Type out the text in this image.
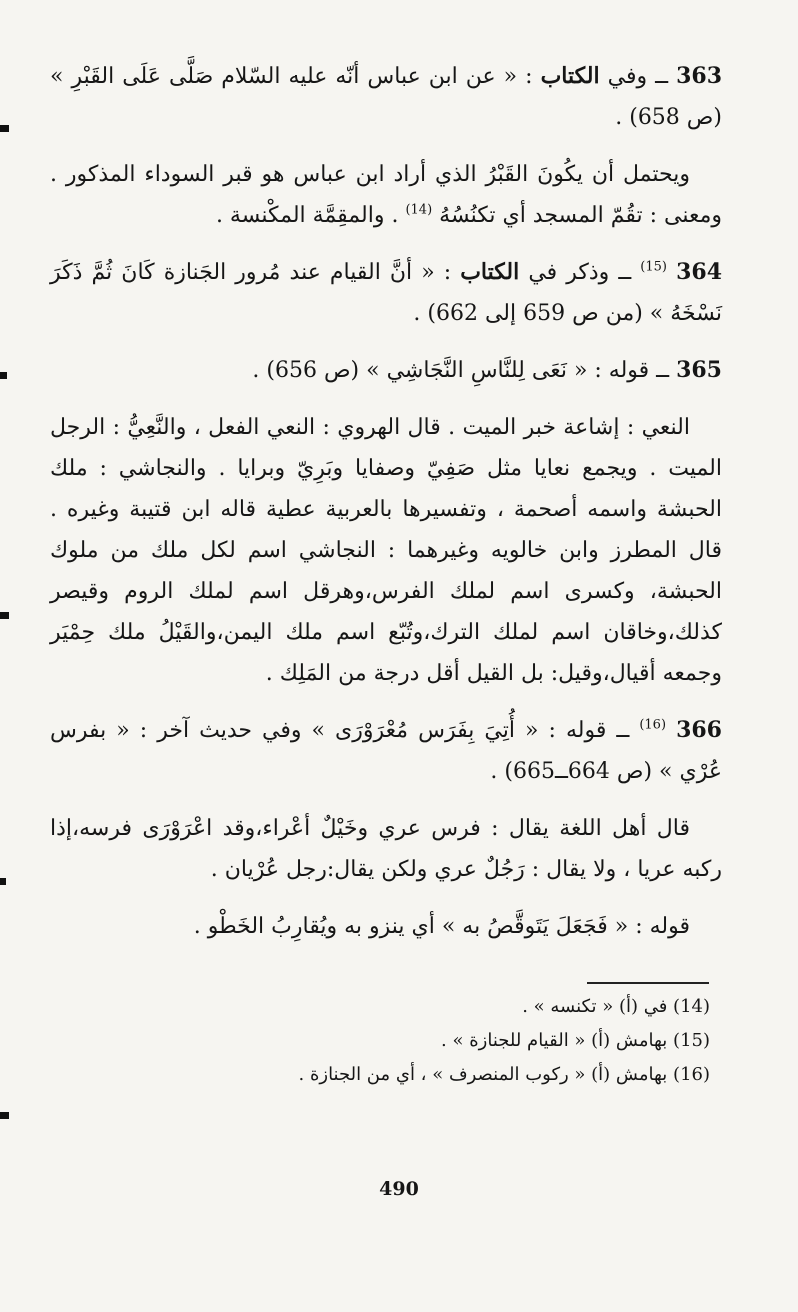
363 ــ وفي الكتاب : « عن ابن عباس أنّه عليه السّلام صَلَّى عَلَى القَبْرِ » (ص 658) .

ويحتمل أن يكُونَ القَبْرُ الذي أراد ابن عباس هو قبر السوداء المذكور . ومعنى : تقُمّ المسجد أي تكنُسُهُ $^{(14)}$ . والمقِمَّة المكْنسة .

364 $^{(15)}$ ــ وذكر في الكتاب : « أنَّ القيام عند مُرور الجَنازة كَانَ ثُمَّ ذَكَرَ نَسْخَهُ » (من ص 659 إلى 662) .

365 ــ قوله : « نَعَى لِلنَّاسِ النَّجَاشِي » (ص 656) .

النعي : إشاعة خبر الميت . قال الهروي : النعي الفعل ، والنَّعِيُّ : الرجل الميت . ويجمع نعايا مثل صَفِيّ وصفايا وبَرِيّ وبرايا . والنجاشي : ملك الحبشة واسمه أصحمة ، وتفسيرها بالعربية عطية قاله ابن قتيبة وغيره . قال المطرز وابن خالويه وغيرهما : النجاشي اسم لكل ملك من ملوك الحبشة، وكسرى اسم لملك الفرس،وهرقل اسم لملك الروم وقيصر كذلك،وخاقان اسم لملك الترك،وتُبّع اسم ملك اليمن،والقَيْلُ ملك حِمْيَر وجمعه أقيال،وقيل: بل القيل أقل درجة من المَلِك .

366 $^{(16)}$ ــ قوله : « أُتِيَ بِفَرَس مُعْرَوْرَى » وفي حديث آخر : « بفرس عُرْي » (ص 664ــ665) .

قال أهل اللغة يقال : فرس عري وخَيْلٌ أعْراء،وقد اعْرَوْرَى فرسه،إذا ركبه عريا ، ولا يقال : رَجُلٌ عري ولكن يقال:رجل عُرْيان .

قوله : « فَجَعَلَ يَتَوقَّصُ به » أي ينزو به ويُقارِبُ الخَطْو .

(14) في (أ) « تكنسه » .

(15) بهامش (أ) « القيام للجنازة » .

(16) بهامش (أ) « ركوب المنصرف » ، أي من الجنازة .

490
